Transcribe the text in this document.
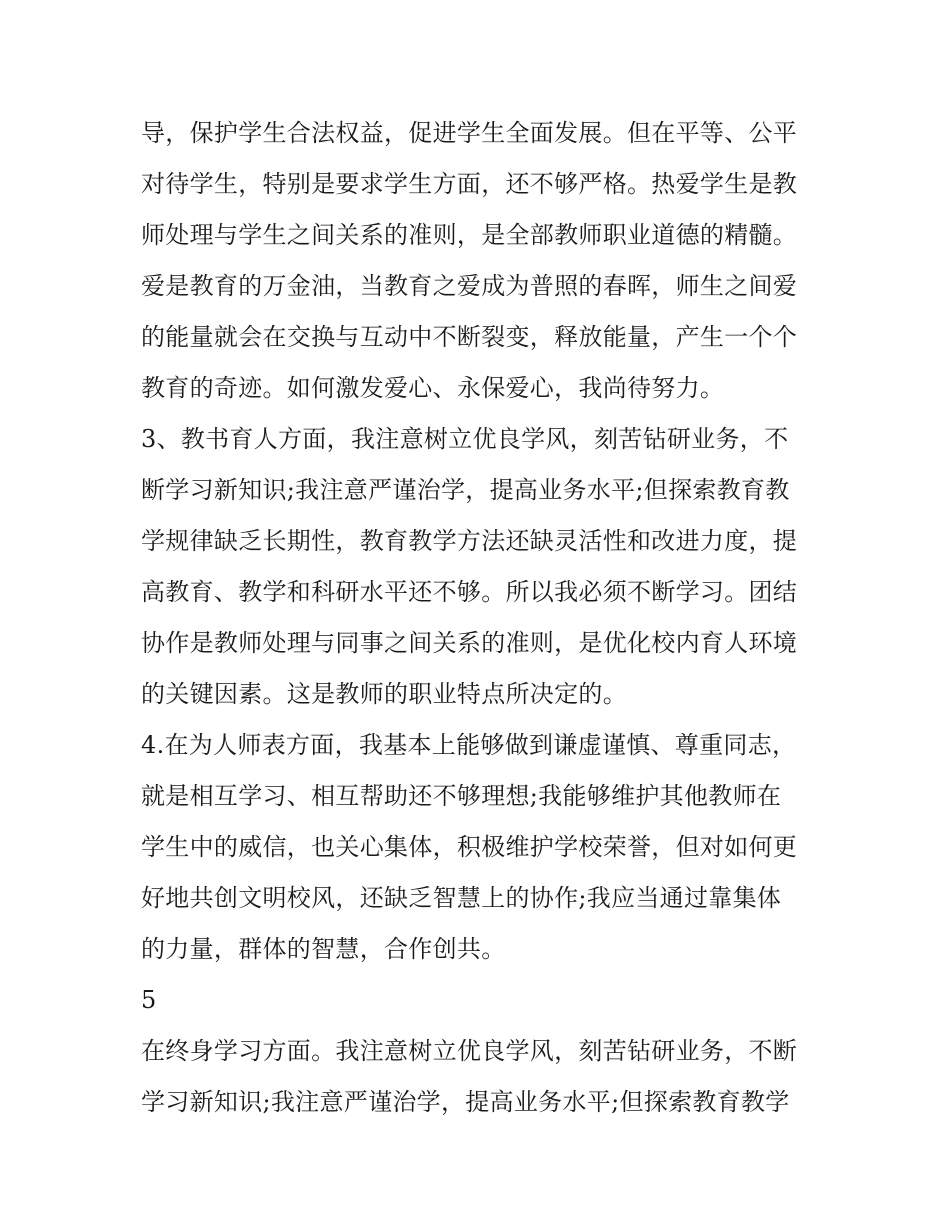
导，保护学生合法权益，促进学生全面发展。但在平等、公平
对待学生，特别是要求学生方面，还不够严格。热爱学生是教
师处理与学生之间关系的准则，是全部教师职业道德的精髓。
爱是教育的万金油，当教育之爱成为普照的春晖，师生之间爱
的能量就会在交换与互动中不断裂变，释放能量，产生一个个
教育的奇迹。如何激发爱心、永保爱心，我尚待努力。
3、教书育人方面，我注意树立优良学风，刻苦钻研业务，不
断学习新知识;我注意严谨治学，提高业务水平;但探索教育教
学规律缺乏长期性，教育教学方法还缺灵活性和改进力度，提
高教育、教学和科研水平还不够。所以我必须不断学习。团结
协作是教师处理与同事之间关系的准则，是优化校内育人环境
的关键因素。这是教师的职业特点所决定的。
4.在为人师表方面，我基本上能够做到谦虚谨慎、尊重同志，
就是相互学习、相互帮助还不够理想;我能够维护其他教师在
学生中的威信，也关心集体，积极维护学校荣誉，但对如何更
好地共创文明校风，还缺乏智慧上的协作;我应当通过靠集体
的力量，群体的智慧，合作创共。
5
在终身学习方面。我注意树立优良学风，刻苦钻研业务，不断
学习新知识;我注意严谨治学，提高业务水平;但探索教育教学
